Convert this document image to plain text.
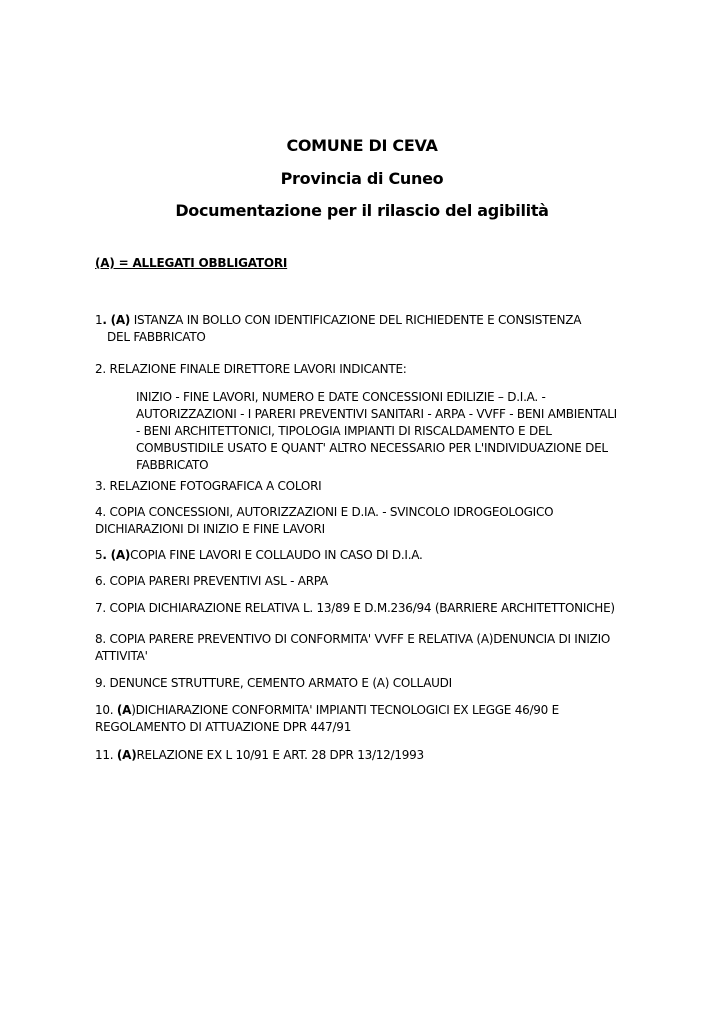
COMUNE DI CEVA
Provincia di Cuneo
Documentazione per il rilascio del agibilità
(A) = ALLEGATI OBBLIGATORI
1. (A) ISTANZA IN BOLLO CON IDENTIFICAZIONE DEL RICHIEDENTE E CONSISTENZA
DEL FABBRICATO
2. RELAZIONE FINALE DIRETTORE LAVORI INDICANTE:
INIZIO - FINE LAVORI, NUMERO E DATE CONCESSIONI EDILIZIE – D.I.A. -
AUTORIZZAZIONI - I PARERI PREVENTIVI SANITARI - ARPA - VVFF - BENI AMBIENTALI
- BENI ARCHITETTONICI, TIPOLOGIA IMPIANTI DI RISCALDAMENTO E DEL
COMBUSTIDILE USATO E QUANT' ALTRO NECESSARIO PER L'INDIVIDUAZIONE DEL
FABBRICATO
3. RELAZIONE FOTOGRAFICA A COLORI
4. COPIA CONCESSIONI, AUTORIZZAZIONI E D.IA. - SVINCOLO IDROGEOLOGICO
DICHIARAZIONI DI INIZIO E FINE LAVORI
5. (A)COPIA FINE LAVORI E COLLAUDO IN CASO DI D.I.A.
6. COPIA PARERI PREVENTIVI ASL - ARPA
7. COPIA DICHIARAZIONE RELATIVA L. 13/89 E D.M.236/94 (BARRIERE ARCHITETTONICHE)
8. COPIA PARERE PREVENTIVO DI CONFORMITA' VVFF E RELATIVA (A)DENUNCIA DI INIZIO
ATTIVITA'
9. DENUNCE STRUTTURE, CEMENTO ARMATO E (A) COLLAUDI
10. (A)DICHIARAZIONE CONFORMITA' IMPIANTI TECNOLOGICI EX LEGGE 46/90 E
REGOLAMENTO DI ATTUAZIONE DPR 447/91
11. (A)RELAZIONE EX L 10/91 E ART. 28 DPR 13/12/1993
